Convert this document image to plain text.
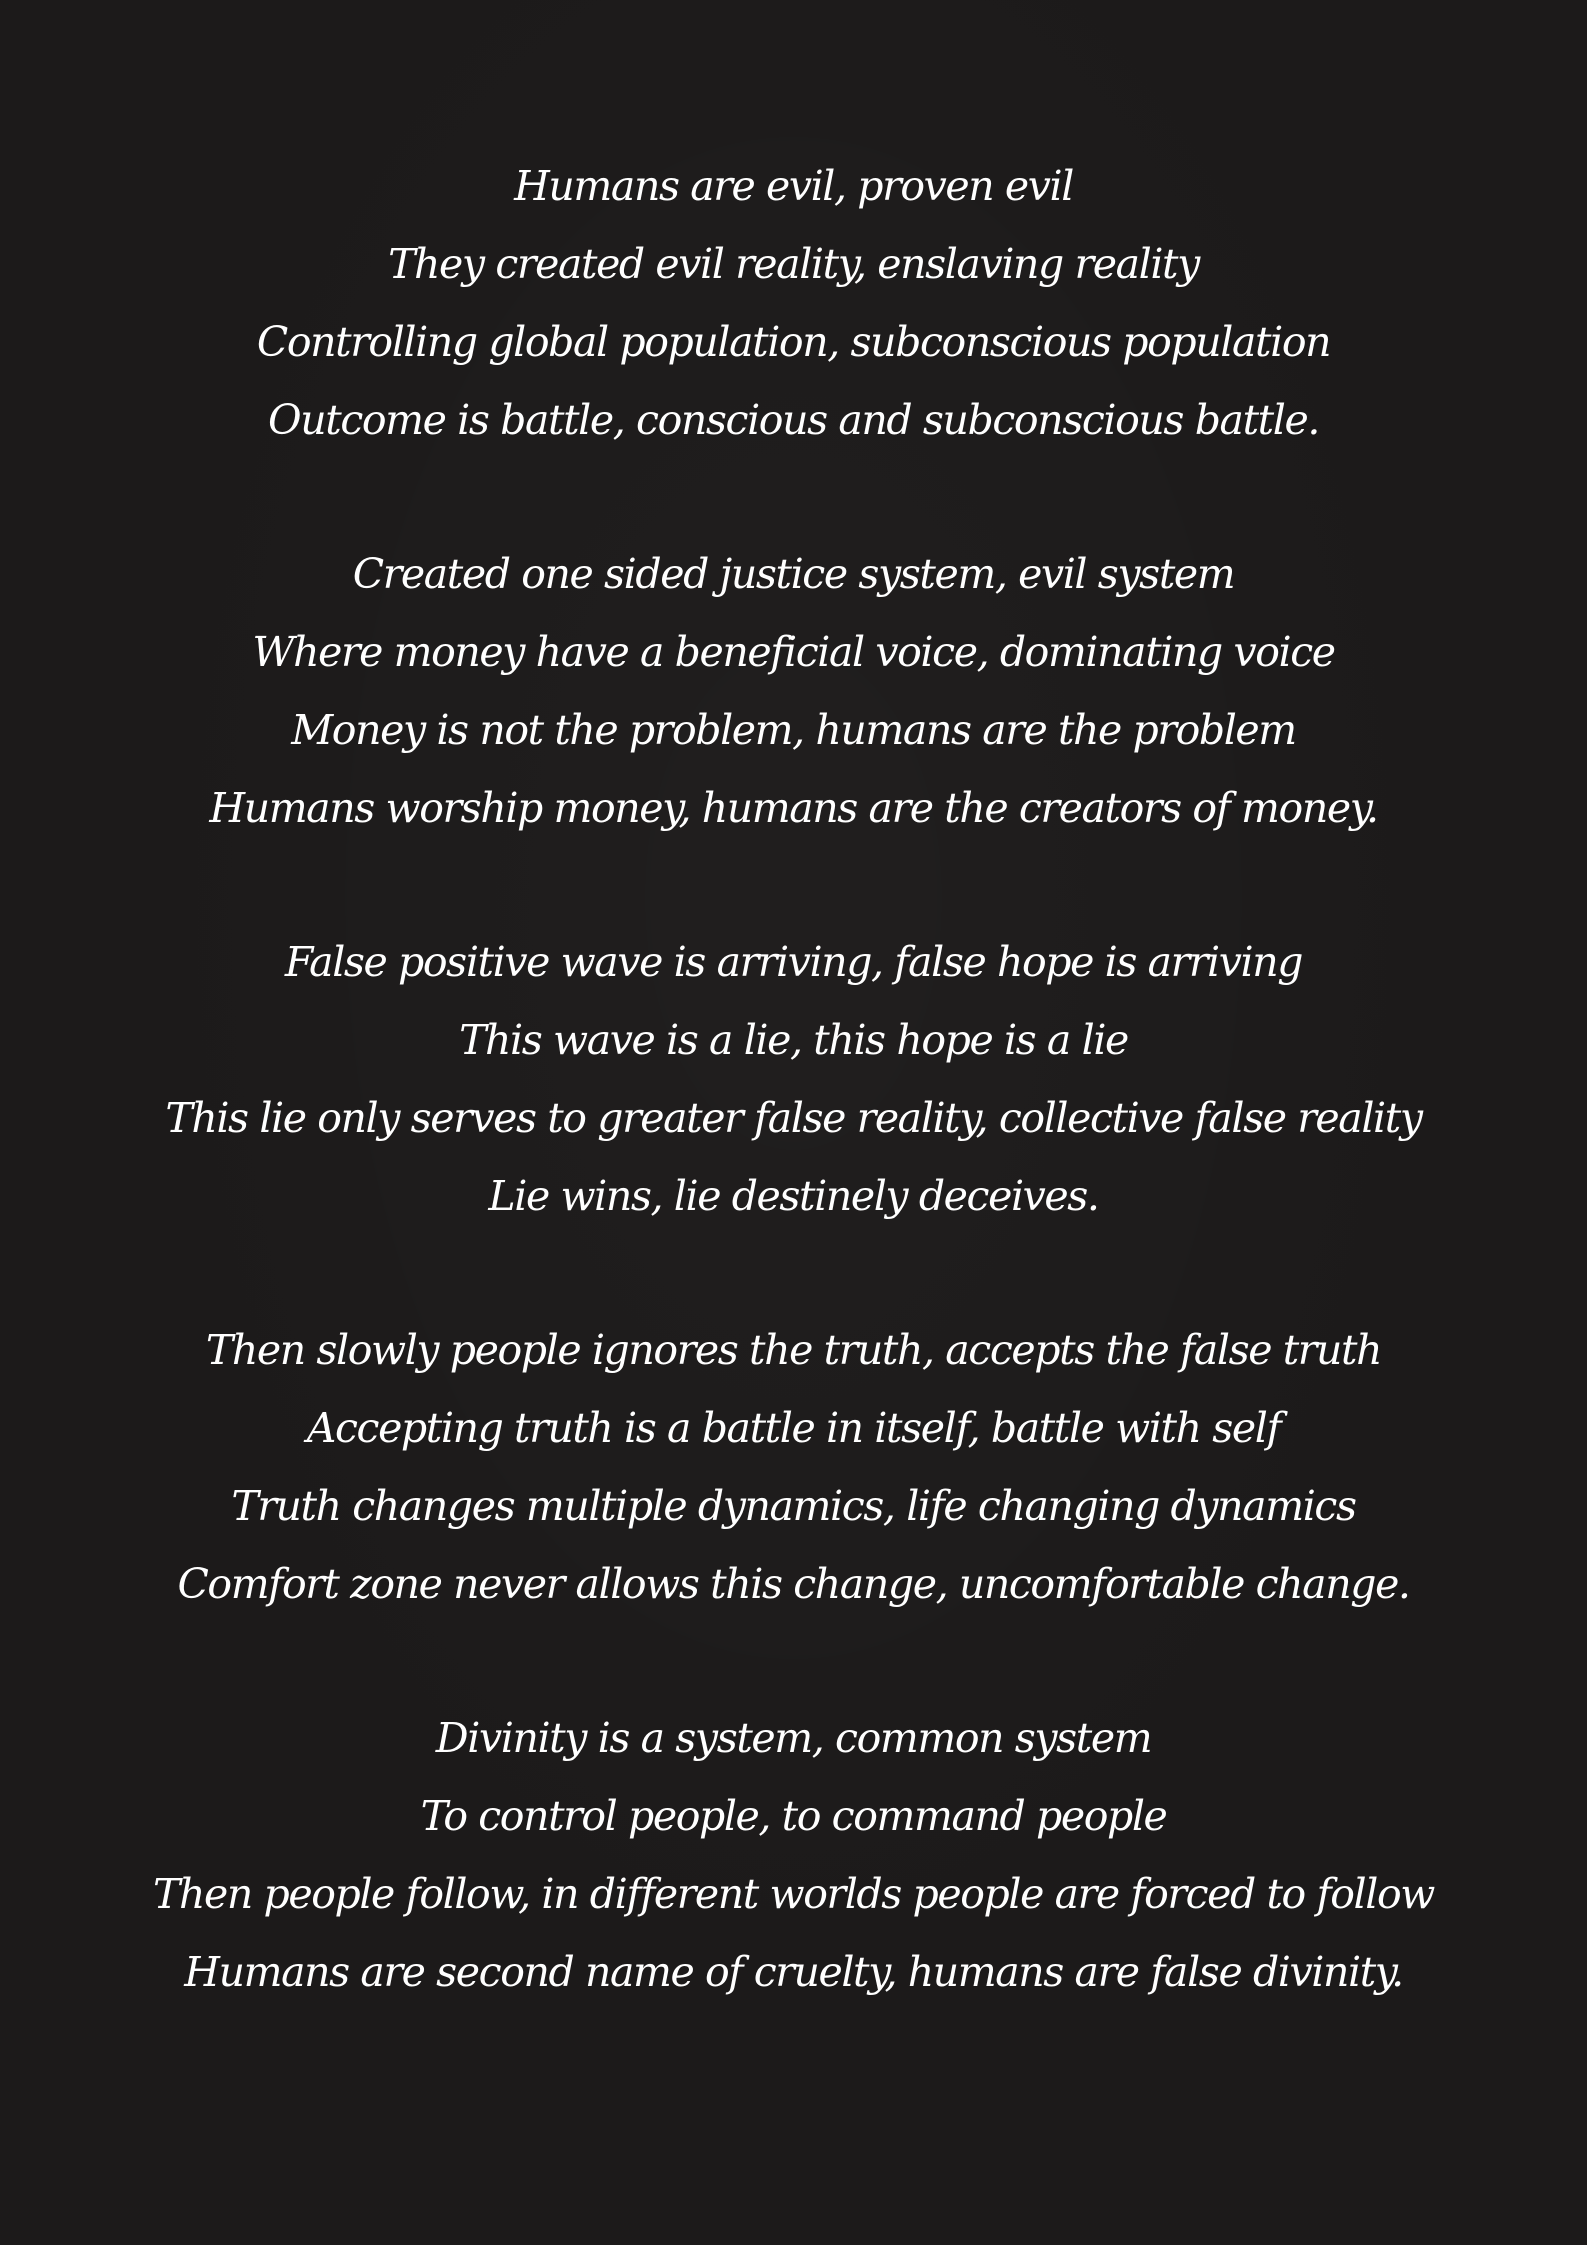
Humans are evil, proven evil
They created evil reality, enslaving reality
Controlling global population, subconscious population
Outcome is battle, conscious and subconscious battle.
Created one sided justice system, evil system
Where money have a beneficial voice, dominating voice
Money is not the problem, humans are the problem
Humans worship money, humans are the creators of money.
False positive wave is arriving, false hope is arriving
This wave is a lie, this hope is a lie
This lie only serves to greater false reality, collective false reality
Lie wins, lie destinely deceives.
Then slowly people ignores the truth, accepts the false truth
Accepting truth is a battle in itself, battle with self
Truth changes multiple dynamics, life changing dynamics
Comfort zone never allows this change, uncomfortable change.
Divinity is a system, common system
To control people, to command people
Then people follow, in different worlds people are forced to follow
Humans are second name of cruelty, humans are false divinity.
